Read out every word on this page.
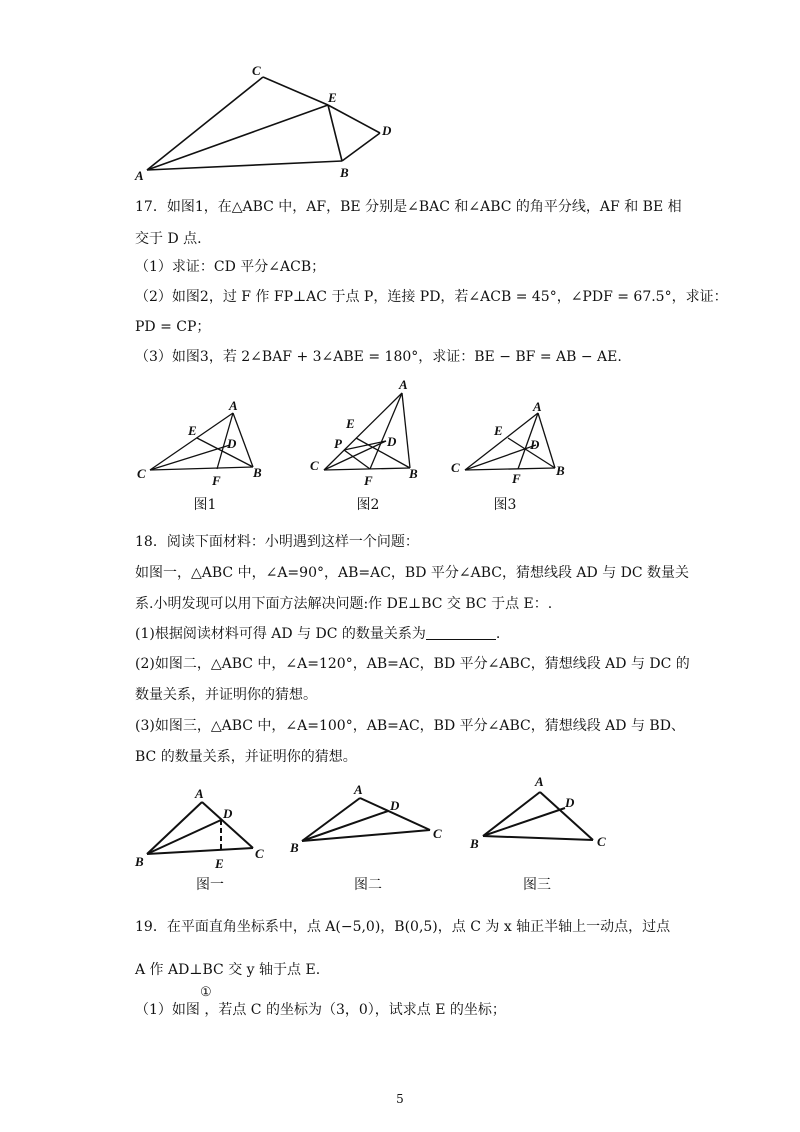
A	B
C
D
E
17．如图1，在△ABC 中，AF，BE 分别是∠BAC 和∠ABC 的角平分线，AF 和 BE 相
交于 D 点.
（1）求证：CD 平分∠ACB；
（2）如图2，过 F 作 FP⊥AC 于点 P，连接 PD，若∠ACB = 45°，∠PDF = 67.5°，求证：
PD = CP；
（3）如图3，若 2∠BAF + 3∠ABE = 180°，求证：BE − BF = AB − AE.
C	B
A
E
D
F
图1
C
B
A
E
D
P
F
图2
C	B
A
E
D
F
图3
18．阅读下面材料：小明遇到这样一个问题：
如图一，△ABC 中，∠A=90°，AB=AC，BD 平分∠ABC，猜想线段 AD 与 DC 数量关
系.小明发现可以用下面方法解决问题:作 DE⊥BC 交 BC 于点 E：.
(1)根据阅读材料可得 AD 与 DC 的数量关系为	.
(2)如图二，△ABC 中，∠A=120°，AB=AC，BD 平分∠ABC，猜想线段 AD 与 DC 的
数量关系，并证明你的猜想。
(3)如图三，△ABC 中，∠A=100°，AB=AC，BD 平分∠ABC，猜想线段 AD 与 BD、
BC 的数量关系，并证明你的猜想。
B
A
C
D
E
图一
B
A
C
D
图二
B
A
C
D
图三
19．在平面直角坐标系中，点 A(−5,0)，B(0,5)，点 C 为 x 轴正半轴上一动点，过点
A 作 AD⊥BC 交 y 轴于点 E.
①
（1）如图 ，若点 C 的坐标为（3，0），试求点 E 的坐标；
5
